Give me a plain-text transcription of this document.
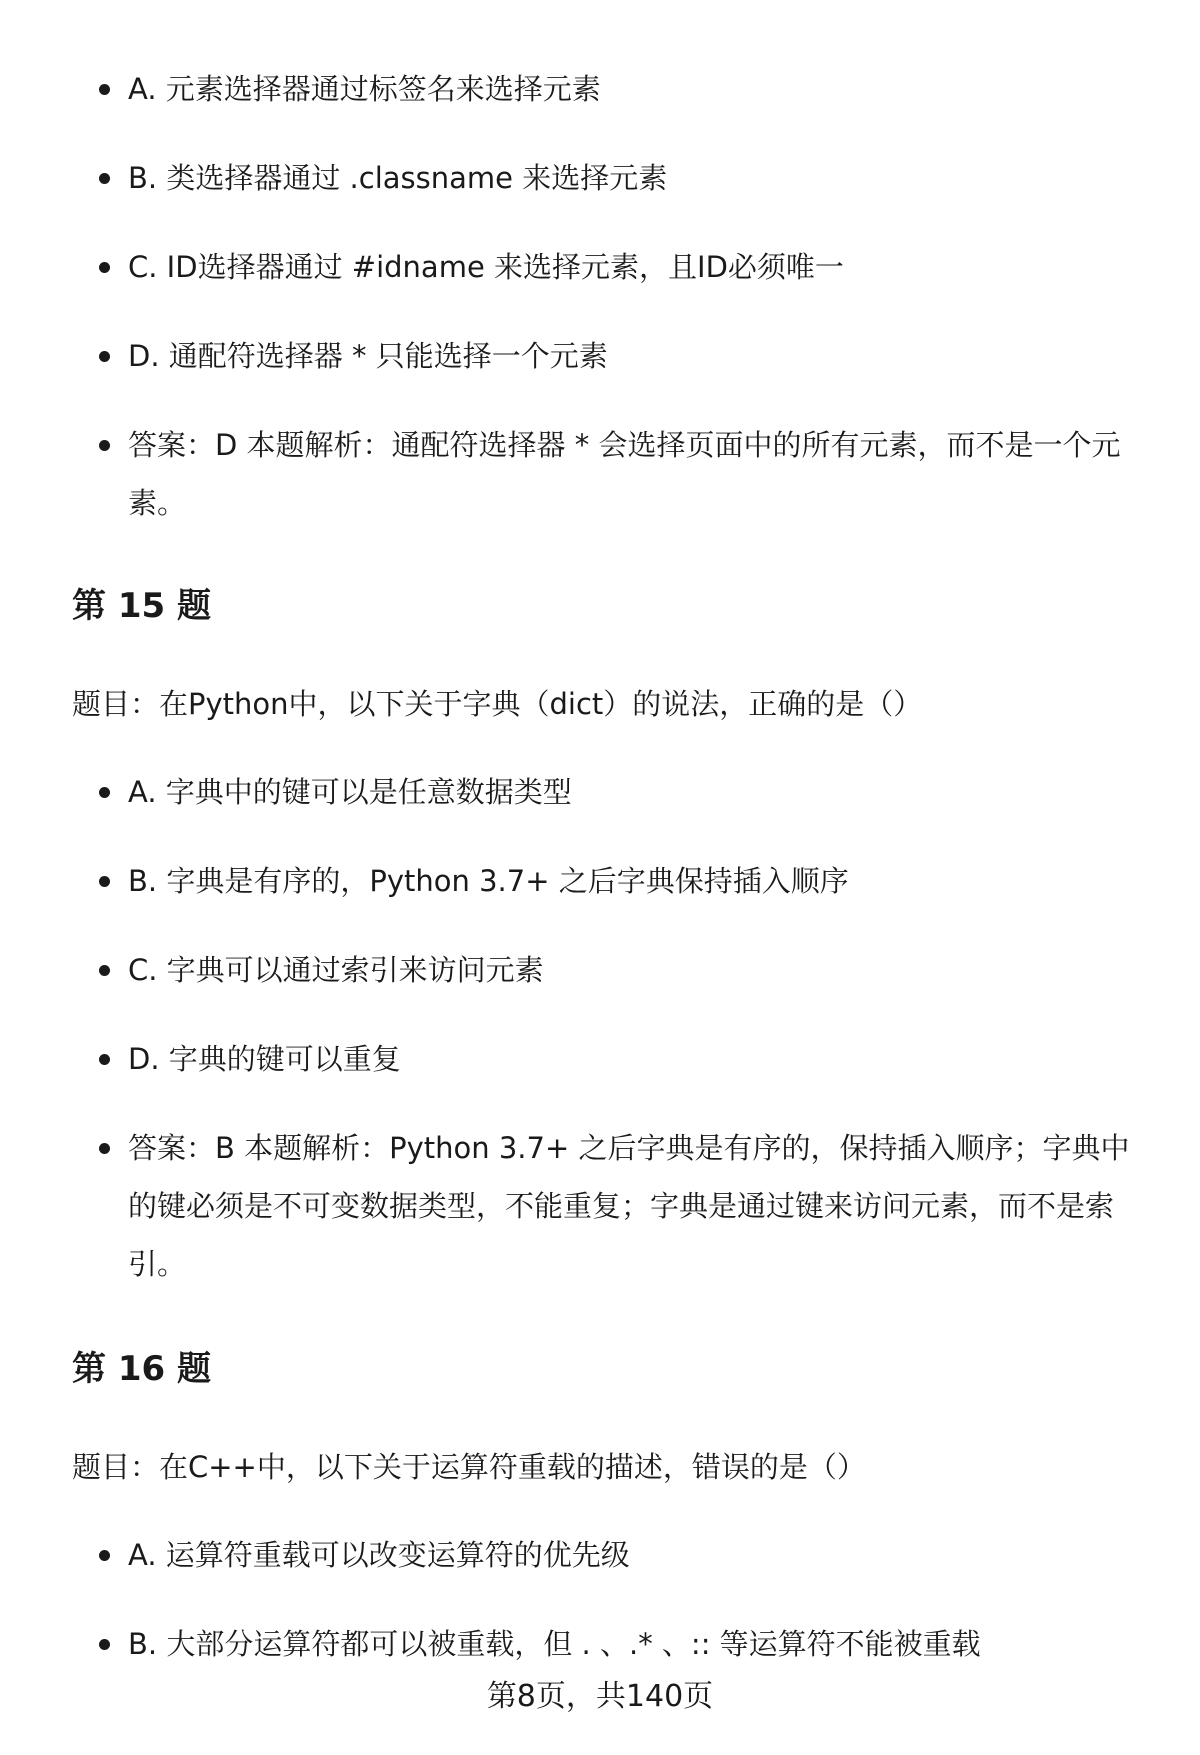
A. 元素选择器通过标签名来选择元素
B. 类选择器通过 .classname 来选择元素
C. ID选择器通过 #idname 来选择元素，且ID必须唯一
D. 通配符选择器 * 只能选择一个元素
答案：D 本题解析：通配符选择器 * 会选择页面中的所有元素，而不是一个元素。
第 15 题
题目：在Python中，以下关于字典（dict）的说法，正确的是（）
A. 字典中的键可以是任意数据类型
B. 字典是有序的，Python 3.7+ 之后字典保持插入顺序
C. 字典可以通过索引来访问元素
D. 字典的键可以重复
答案：B 本题解析：Python 3.7+ 之后字典是有序的，保持插入顺序；字典中的键必须是不可变数据类型，不能重复；字典是通过键来访问元素，而不是索引。
第 16 题
题目：在C++中，以下关于运算符重载的描述，错误的是（）
A. 运算符重载可以改变运算符的优先级
B. 大部分运算符都可以被重载，但 . 、.* 、:: 等运算符不能被重载
第8页，共140页
